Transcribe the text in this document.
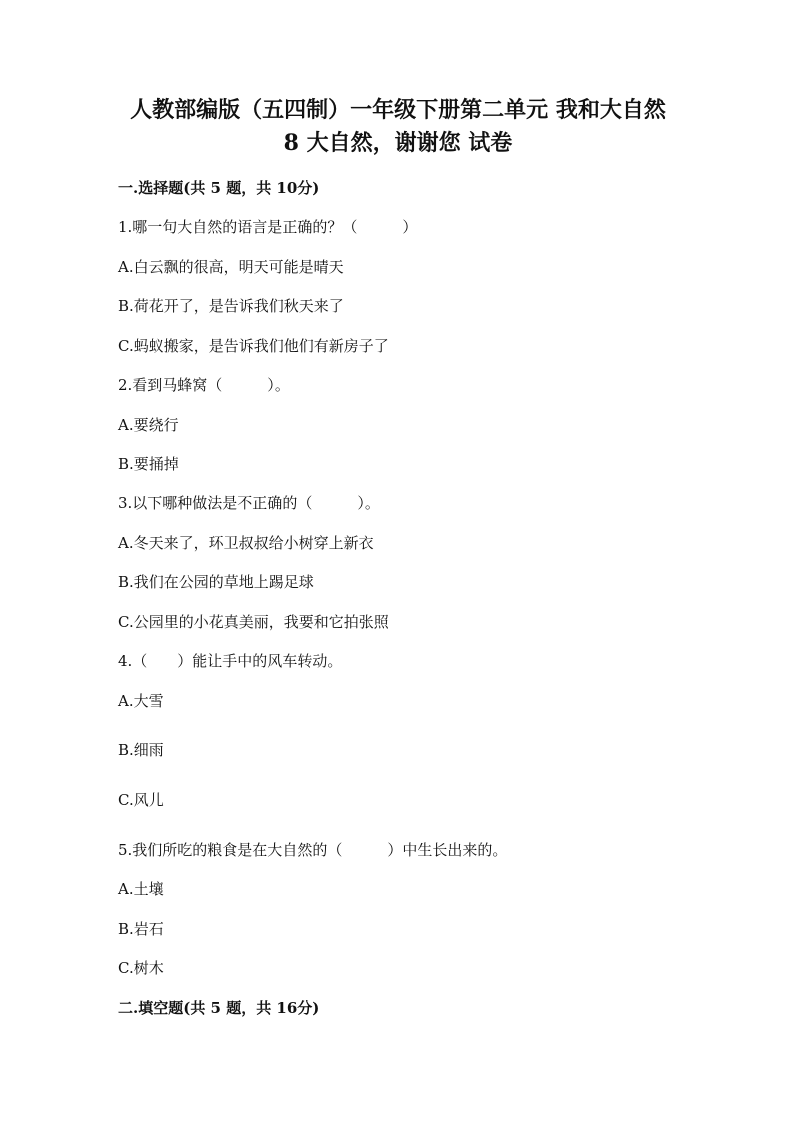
人教部编版（五四制）一年级下册第二单元 我和大自然 8 大自然，谢谢您 试卷
一.选择题(共 5 题，共 10分)
1.哪一句大自然的语言是正确的？（　　　）
A.白云飘的很高，明天可能是晴天
B.荷花开了，是告诉我们秋天来了
C.蚂蚁搬家，是告诉我们他们有新房子了
2.看到马蜂窝（　　　）。
A.要绕行
B.要捅掉
3.以下哪种做法是不正确的（　　　）。
A.冬天来了，环卫叔叔给小树穿上新衣
B.我们在公园的草地上踢足球
C.公园里的小花真美丽，我要和它拍张照
4.（　　）能让手中的风车转动。
A.大雪
B.细雨
C.风儿
5.我们所吃的粮食是在大自然的（　　　）中生长出来的。
A.土壤
B.岩石
C.树木
二.填空题(共 5 题，共 16分)
